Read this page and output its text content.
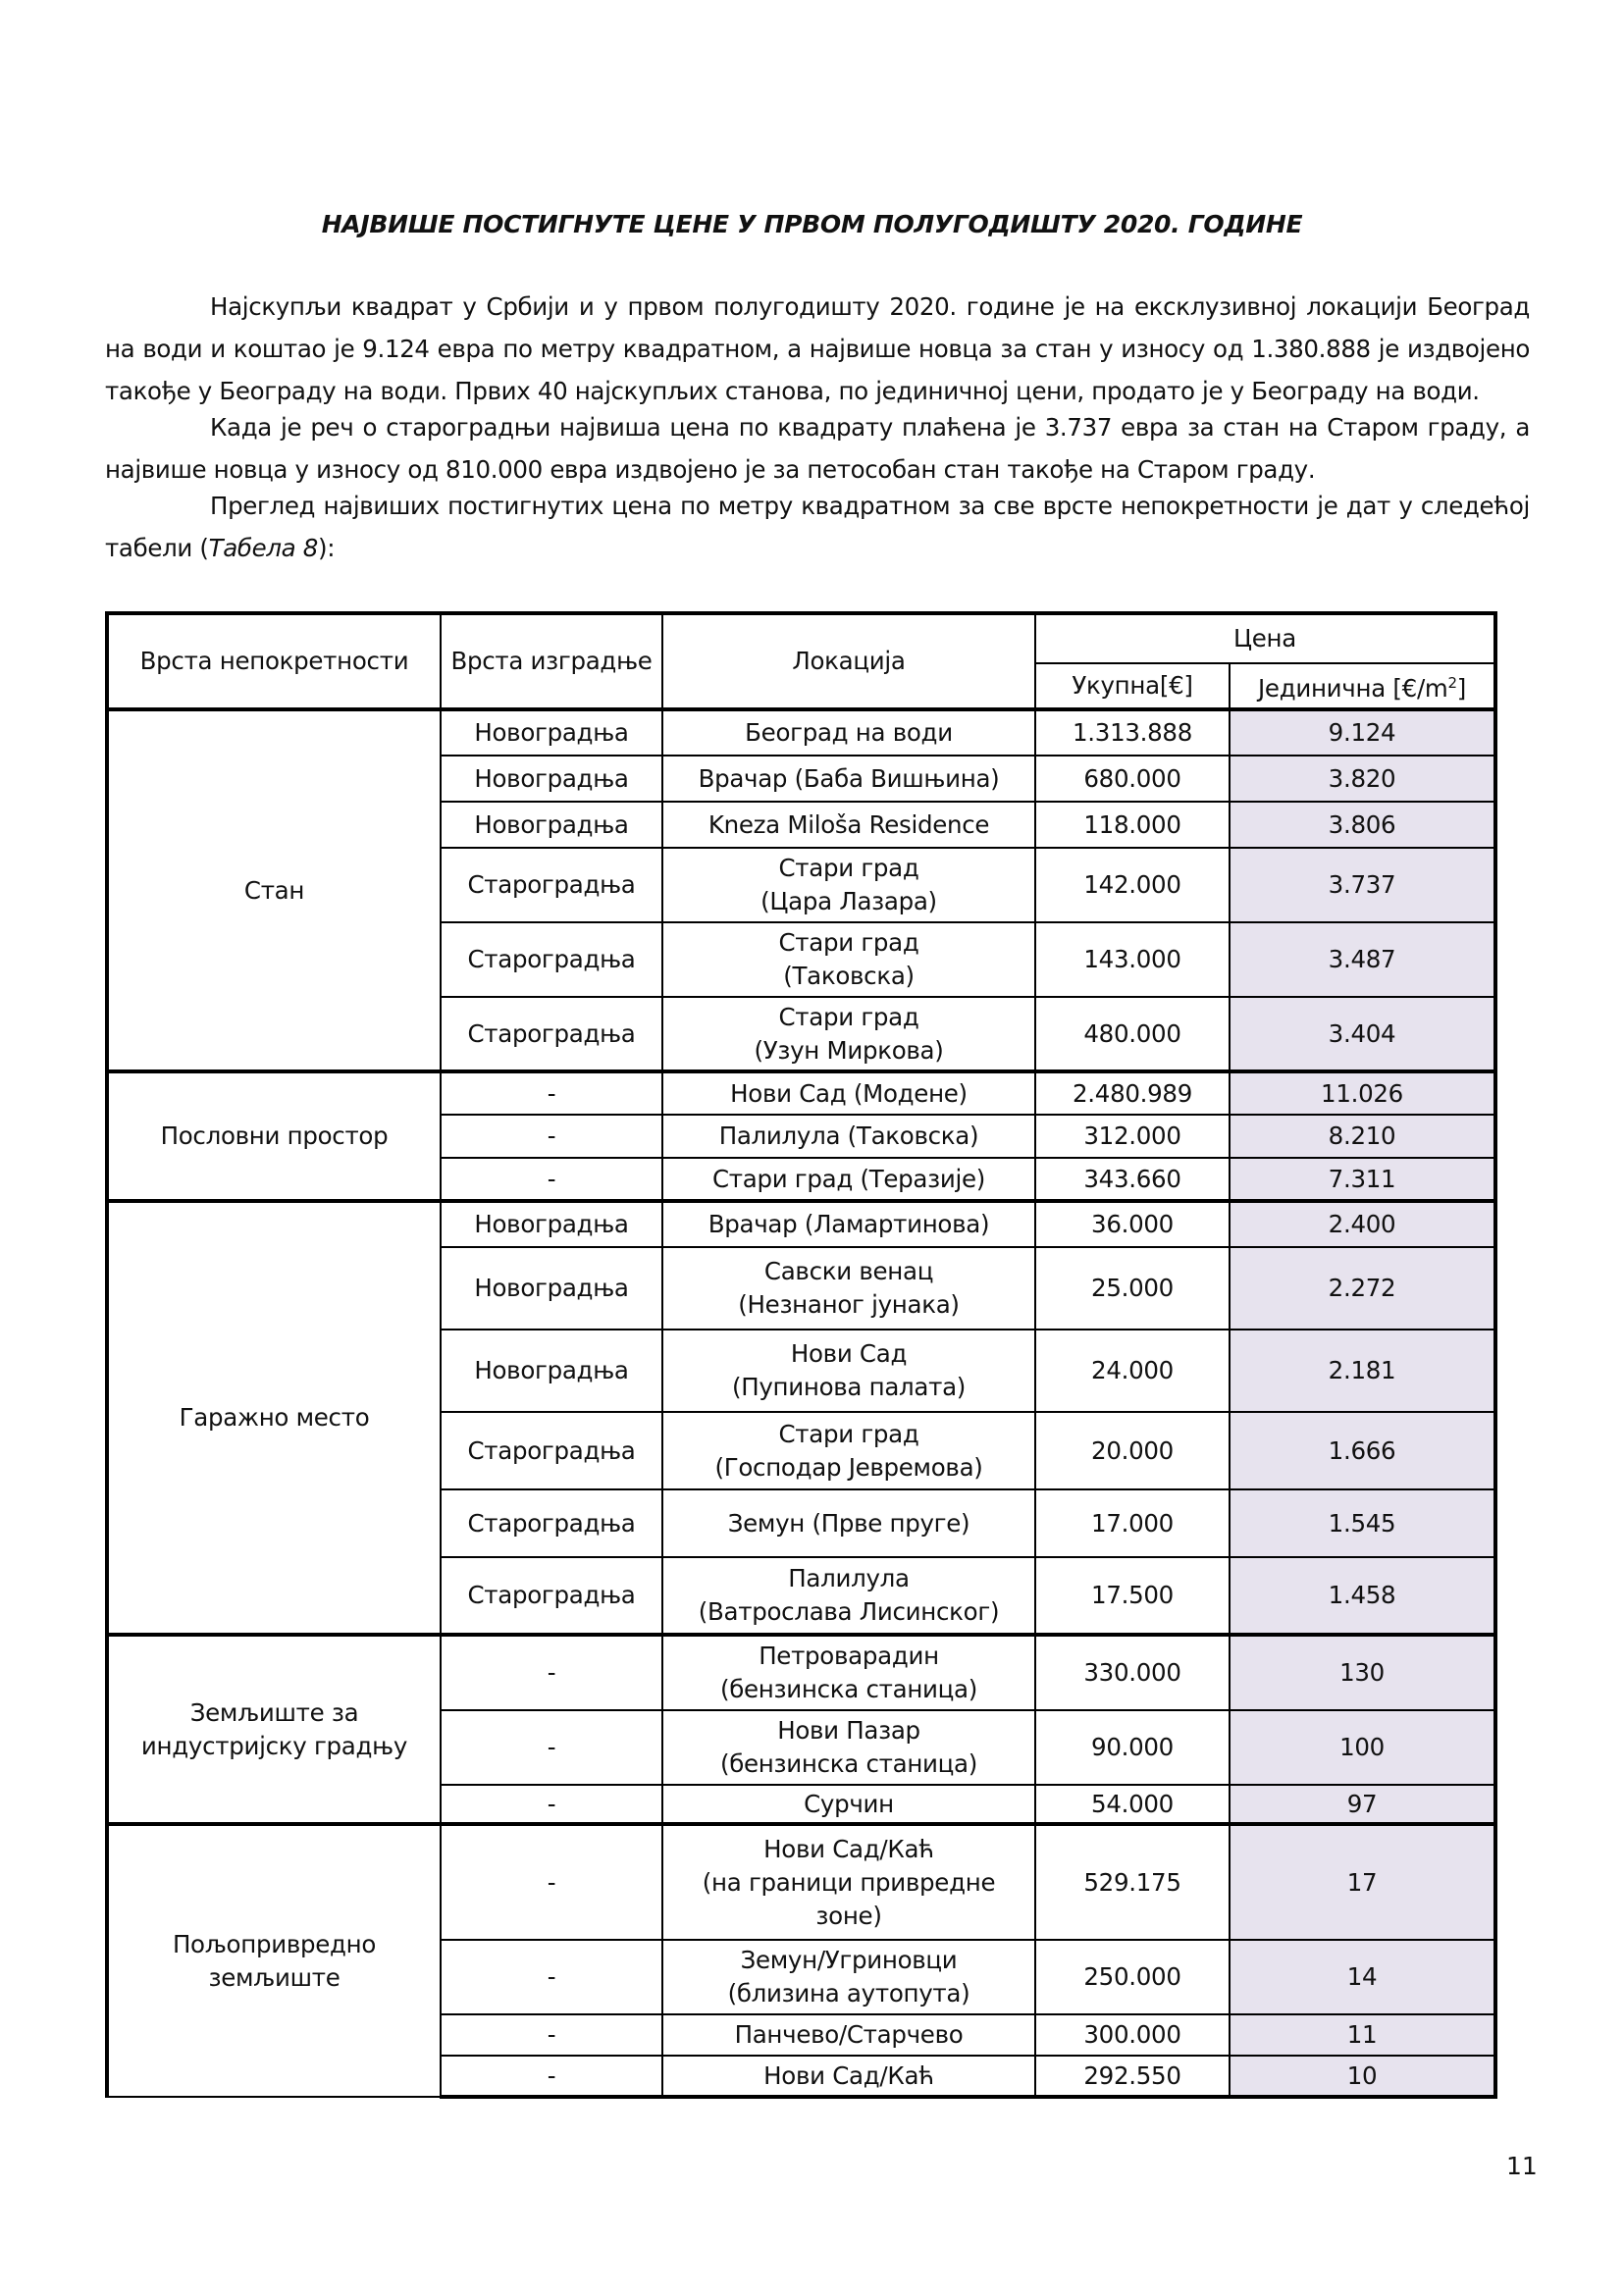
НАЈВИШЕ ПОСТИГНУТЕ ЦЕНЕ У ПРВОМ ПОЛУГОДИШТУ 2020. ГОДИНЕ

Најскупљи квадрат у Србији и у првом полугодишту 2020. године је на ексклузивној локацији Београд на води и коштао је 9.124 евра по метру квадратном, а највише новца за стан у износу од 1.380.888 је издвојено такође у Београду на води. Првих 40 најскупљих станова, по јединичној цени, продато је у Београду на води.

Када је реч о староградњи највиша цена по квадрату плаћена је 3.737 евра за стан на Старом граду, а највише новца у износу од 810.000 евра издвојено је за петособан стан такође на Старом граду.

Преглед највиших постигнутих цена по метру квадратном за све врсте непокретности је дат у следећој табели (Табела 8):

Врста непокретности	Врста изградње	Локација	Цена	
			Укупна[€]	Јединична $[€/m^2]$
Стан	Новоградња	Београд на води	1.313.888	9.124
	Новоградња	Врачар (Баба Вишњина)	680.000	3.820
	Новоградња	Kneza Miloša Residence	118.000	3.806
	Староградња	Стари град
(Цара Лазара)	142.000	3.737
	Староградња	Стари град
(Таковска)	143.000	3.487
	Староградња	Стари град
(Узун Миркова)	480.000	3.404
Пословни простор	-	Нови Сад (Модене)	2.480.989	11.026
	-	Палилула (Таковска)	312.000	8.210
	-	Стари град (Теразије)	343.660	7.311
Гаражно место	Новоградња	Врачар (Ламартинова)	36.000	2.400
	Новоградња	Савски венац
(Незнаног јунака)	25.000	2.272
	Новоградња	Нови Сад
(Пупинова палата)	24.000	2.181
	Староградња	Стари град
(Господар Јевремова)	20.000	1.666
	Староградња	Земун (Прве пруге)	17.000	1.545
	Староградња	Палилула
(Ватрослава Лисинског)	17.500	1.458
Земљиште за
индустријску градњу	-	Петроварадин
(бензинска станица)	330.000	130
	-	Нови Пазар
(бензинска станица)	90.000	100
	-	Сурчин	54.000	97
Пољопривредно
земљиште	-	Нови Сад/Каћ
(на граници привредне
зоне)	529.175	17
	-	Земун/Угриновци
(близина аутопута)	250.000	14
	-	Панчево/Старчево	300.000	11
	-	Нови Сад/Каћ	292.550	10
11
